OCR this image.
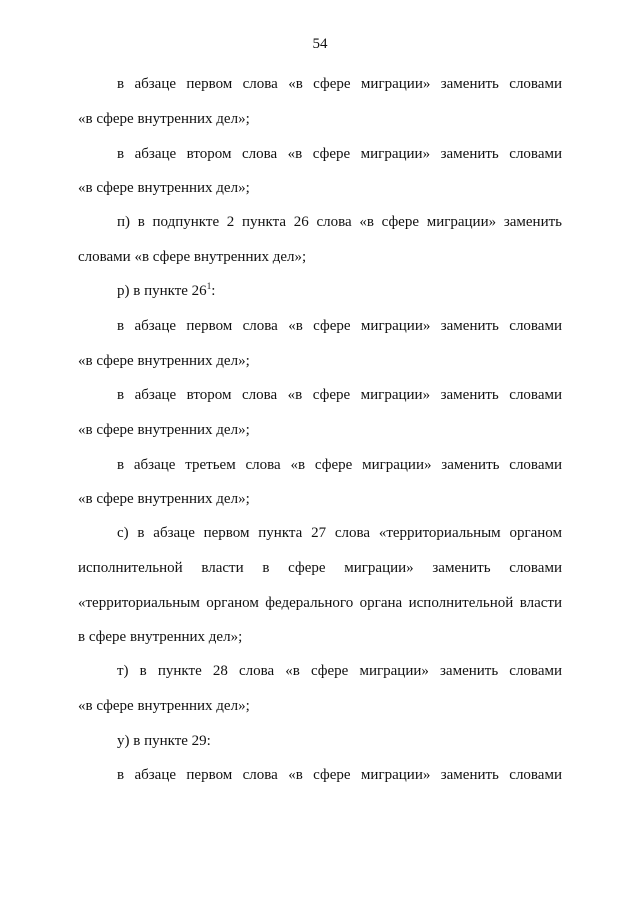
54
в абзаце первом слова «в сфере миграции» заменить словами
«в сфере внутренних дел»;
в абзаце втором слова «в сфере миграции» заменить словами
«в сфере внутренних дел»;
п) в подпункте 2 пункта 26 слова «в сфере миграции» заменить
словами «в сфере внутренних дел»;
р) в пункте $26^1$:
в абзаце первом слова «в сфере миграции» заменить словами
«в сфере внутренних дел»;
в абзаце втором слова «в сфере миграции» заменить словами
«в сфере внутренних дел»;
в абзаце третьем слова «в сфере миграции» заменить словами
«в сфере внутренних дел»;
с) в абзаце первом пункта 27 слова «территориальным органом
исполнительной власти в сфере миграции» заменить словами
«территориальным органом федерального органа исполнительной власти
в сфере внутренних дел»;
т) в пункте 28 слова «в сфере миграции» заменить словами
«в сфере внутренних дел»;
у) в пункте 29:
в абзаце первом слова «в сфере миграции» заменить словами
